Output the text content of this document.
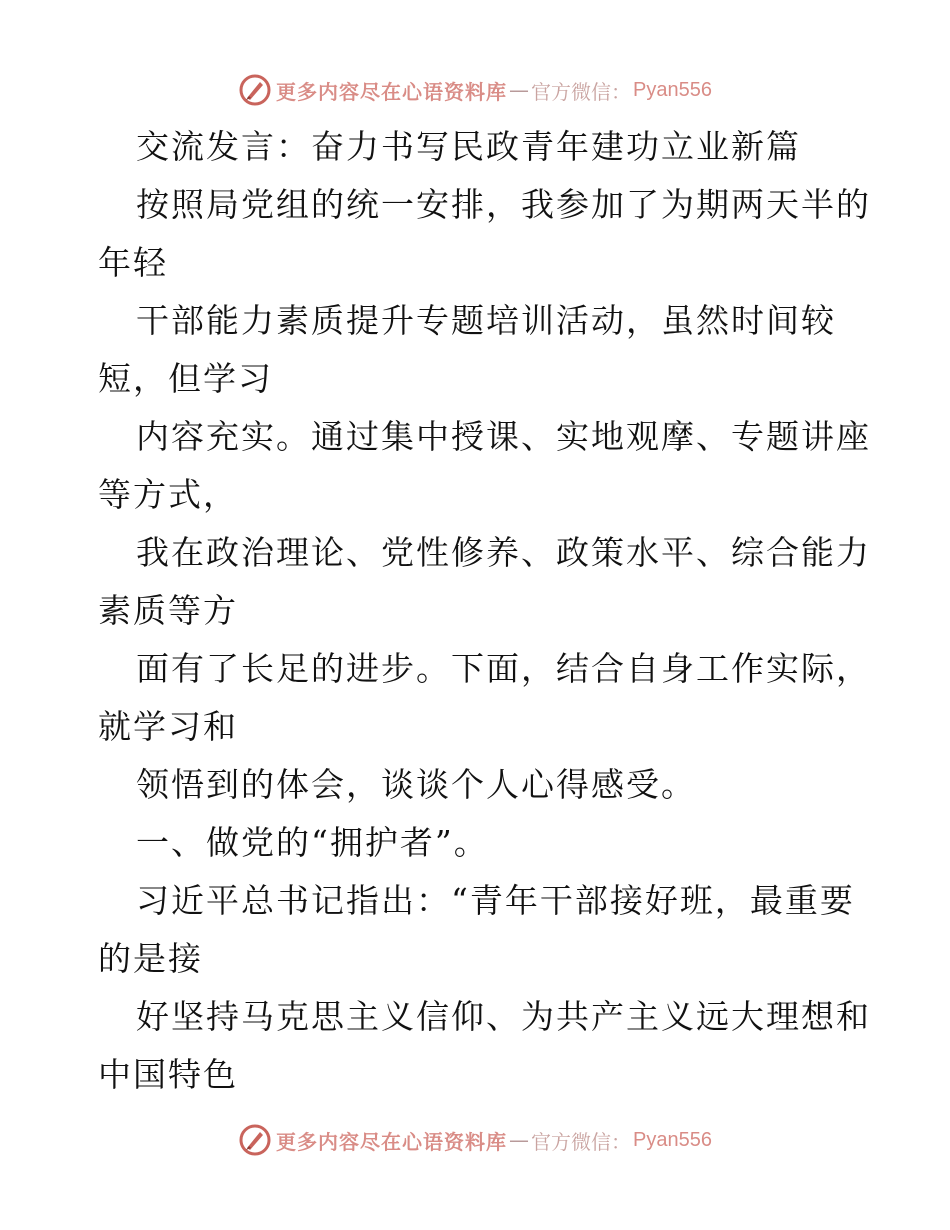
更多内容尽在心语资料库 — 官方微信： Pyan556
交流发言：奋力书写民政青年建功立业新篇
按照局党组的统一安排，我参加了为期两天半的
年轻
干部能力素质提升专题培训活动，虽然时间较
短，但学习
内容充实。通过集中授课、实地观摩、专题讲座
等方式，
我在政治理论、党性修养、政策水平、综合能力
素质等方
面有了长足的进步。下面，结合自身工作实际，
就学习和
领悟到的体会，谈谈个人心得感受。
一、做党的“拥护者”。
习近平总书记指出：“青年干部接好班，最重要
的是接
好坚持马克思主义信仰、为共产主义远大理想和
中国特色
更多内容尽在心语资料库 — 官方微信： Pyan556
